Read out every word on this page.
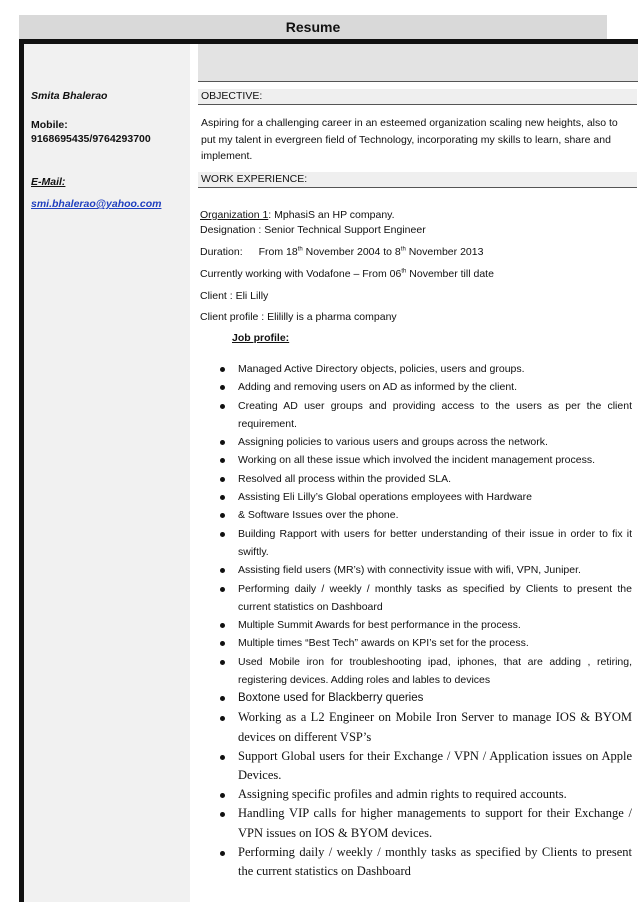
Resume
Smita Bhalerao
Mobile:
9168695435/9764293700
E-Mail:
smi.bhalerao@yahoo.com
OBJECTIVE:
Aspiring for a challenging career in an esteemed organization scaling new heights, also to put my talent in evergreen field of Technology, incorporating my skills to learn, share and implement.
WORK EXPERIENCE:
Organization 1: MphasiS an HP company.
Designation : Senior Technical Support Engineer
Duration: From 18th November 2004 to 8th November 2013
Currently working with Vodafone – From 06th November till date
Client : Eli Lilly
Client profile : Elililly is a pharma company
Job profile:
Managed Active Directory objects, policies, users and groups.
Adding and removing users on AD as informed by the client.
Creating AD user groups and providing access to the users as per the client requirement.
Assigning policies to various users and groups across the network.
Working on all these issue which involved the incident management process.
Resolved all process within the provided SLA.
Assisting Eli Lilly’s Global operations employees with Hardware
& Software Issues over the phone.
Building Rapport with users for better understanding of their issue in order to fix it swiftly.
Assisting field users (MR’s) with connectivity issue with wifi, VPN, Juniper.
Performing daily / weekly / monthly tasks as specified by Clients to present the current statistics on Dashboard
Multiple Summit Awards for best performance in the process.
Multiple times “Best Tech” awards on KPI’s set for the process.
Used Mobile iron for troubleshooting ipad, iphones, that are adding , retiring, registering devices. Adding roles and lables to devices
Boxtone used for Blackberry queries
Working as a L2 Engineer on Mobile Iron Server to manage IOS & BYOM devices on different VSP’s
Support Global users for their Exchange / VPN / Application issues on Apple Devices.
Assigning specific profiles and admin rights to required accounts.
Handling VIP calls for higher managements to support for their Exchange / VPN issues on IOS & BYOM devices.
Performing daily / weekly / monthly tasks as specified by Clients to present the current statistics on Dashboard
